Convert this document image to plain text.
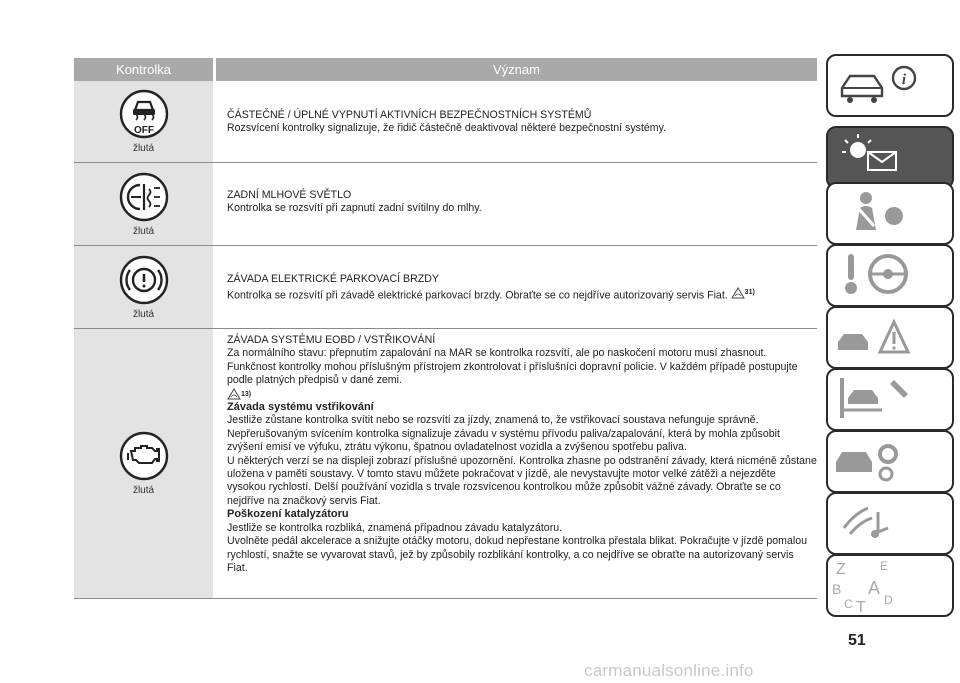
Kontrolka	Význam
OFF
žlutá
ČÁSTEČNÉ / ÚPLNÉ VYPNUTÍ AKTIVNÍCH BEZPEČNOSTNÍCH SYSTÉMŮ
Rozsvícení kontrolky signalizuje, že řidič částečně deaktivoval některé bezpečnostní systémy.
žlutá
ZADNÍ MLHOVÉ SVĚTLO
Kontrolka se rozsvítí při zapnutí zadní svítilny do mlhy.
žlutá
ZÁVADA ELEKTRICKÉ PARKOVACÍ BRZDY
Kontrolka se rozsvítí při závadě elektrické parkovací brzdy. Obraťte se co nejdříve autorizovaný servis Fiat. 31)
žlutá
ZÁVADA SYSTÉMU EOBD / VSTŘIKOVÁNÍ
Za normálního stavu: přepnutím zapalování na MAR se kontrolka rozsvítí, ale po naskočení motoru musí zhasnout. Funkčnost kontrolky mohou příslušným přístrojem zkontrolovat i příslušníci dopravní policie. V každém případě postupujte podle platných předpisů v dané zemi.
13)
Závada systému vstřikování
Jestliže zůstane kontrolka svítit nebo se rozsvítí za jízdy, znamená to, že vstřikovací soustava nefunguje správně. Nepřerušovaným svícením kontrolka signalizuje závadu v systému přívodu paliva/zapalování, která by mohla způsobit zvýšení emisí ve výfuku, ztrátu výkonu, špatnou ovladatelnost vozidla a zvýšenou spotřebu paliva.
U některých verzí se na displeji zobrazí příslušné upozornění. Kontrolka zhasne po odstranění závady, která nicméně zůstane uložena v paměti soustavy. V tomto stavu můžete pokračovat v jízdě, ale nevystavujte motor velké zátěži a nejezděte vysokou rychlostí. Delší používání vozidla s trvale rozsvícenou kontrolkou může způsobit vážné závady. Obraťte se co nejdříve na značkový servis Fiat.
Poškození katalyzátoru
Jestliže se kontrolka rozbliká, znamená případnou závadu katalyzátoru.
Uvolněte pedál akcelerace a snižujte otáčky motoru, dokud nepřestane kontrolka přestala blikat. Pokračujte v jízdě pomalou rychlostí, snažte se vyvarovat stavů, jež by způsobily rozblikání kontrolky, a co nejdříve se obraťte na autorizovaný servis Fiat.
i
Z	E
B A
C T D
51
carmanualsonline.info
